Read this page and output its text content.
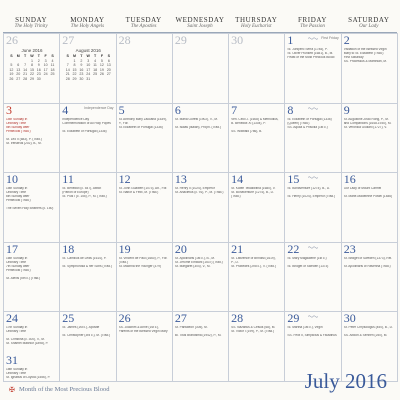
SUNDAY
The Holy Trinity
MONDAY
The Holy Angels
TUESDAY
The Apostles
WEDNESDAY
Saint Joseph
THURSDAY
Holy Eucharist
FRIDAY
The Passion
SATURDAY
Our Lady
26
June 2016
S	M	T	W	T	F	S
			1	2	3	4
5	6	7	8	9	10	11
12	13	14	15	16	17	18
19	20	21	22	23	24	25
26	27	28	29	30		
27
August 2016
S	M	T	W	T	F	S
	1	2	3	4	5	6
7	8	9	10	11	12	13
14	15	16	17	18	19	20
21	22	23	24	25	26	27
28	29	30	31			
28	29	30	1	First Friday
St. Junipero Serra (1784), P.
St. Oliver Plunkett (1681), B., M.
Feast of the Most Precious Blood
2
Visitation of the Blessed Virgin
Mary to St. Elizabeth (Trad.)
First Saturday
SS. Processus & Martinian, M.
3
14th Sunday in
Ordinary Time
5th Sunday after
Pentecost (Trad.)
St. Leo II (683), P. (Trad.)
St. Irenaeus (202), B., M.
4	Independence Day
Independence Day
Commemoration of All Holy Popes
St. Elizabeth of Portugal (1336)
5
St. Anthony Mary Zaccaria (1539),
P., Fdr.
St. Elizabeth of Portugal (1336)
6
St. Maria Goretti (1902), V., M.
St. Isaias (Isaiah), Proph. (Trad.)
7
Ven. Cecil J. (1608) & Methodius,
B. Benedict XI (1304), P.
SS. Willibald (786), B.
8
St. Elizabeth of Portugal (1336)
(Queen) (Trad.)
SS. Aquila & Priscilla (1st c.)
9
St. Augustine Zhao Rong, P., M.
and Companions (1648-1930), M.
St. Veronica Giuliani (1727), V.
10
15th Sunday in
Ordinary Time
6th Sunday after
Pentecost (Trad.)
The Seven Holy Brothers (c. 150)
11
St. Benedict (c. 547), Abbot
(Patron of Europe)
St. Pius I (c. 155), P., M. (Trad.)
12
St. John Gualbert (1073), Ab., Fdr.
St. Nabor & Felix, M. (Trad.)
13
St. Henry II (1024), Emperor
St. Anacletus (c. 91), P., M. (Trad.)
14
St. Kateri Tekakwitha (1680), V.
St. Bonaventure (1274), B., D.
(Trad.)
15
St. Bonaventure (1274), B., D.
St. Henry (1024), Emperor (Trad.)
16
Our Lady of Mount Carmel
St. Marie-Madeleine Postel (1846)
17
16th Sunday in
Ordinary Time
7th Sunday after
Pentecost (Trad.)
St. Alexis (5th c.) (Trad.)
18
St. Camillus de Lellis (1614), P.
St. Symphorosa & her Sons (Trad.)
19
St. Vincent de Paul (1660), P., Fdr.
(Trad.)
St. Macrina the Younger (379)
20
St. Apollinaris (1st c.), B., M.
St. Jerome Emiliani (1537) (Trad.)
St. Margaret (304), V., M.
21
St. Lawrence of Brindisi (1619),
P., D.
St. Praxedes (2nd c.), V. (Trad.)
22
St. Mary Magdalene (1st c.)
St. Bridget of Sweden (1373)
23
St. Bridget of Sweden (1373), Rel.
St. Apollinaris of Ravenna (Trad.)
24
17th Sunday in
Ordinary Time
St. Christina (c. 300), V., M.
St. Sharbel Makhluf (1898), P.
31
18th Sunday in
Ordinary Time
St. Ignatius of Loyola (1556), P.
25
St. James (1st c.), Apostle
St. Christopher (3rd c.), M. (Trad.)
26
SS. Joachim & Anne (1st c.),
Parents of the Blessed Virgin Mary
27
St. Pantaleon (305), M.
Bl. Titus Brandsma (1942), P., M.
28
SS. Nazarius & Celsus (68), M.
St. Victor I (199), P., M. (Trad.)
29
St. Martha (1st c.), Virgin
SS. Felix II, Simplicius & Faustinus
30
St. Peter Chrysologus (450), B., D.
SS. Abdon & Sennen (250), M.
✠ Month of the Most Precious Blood	July 2016
